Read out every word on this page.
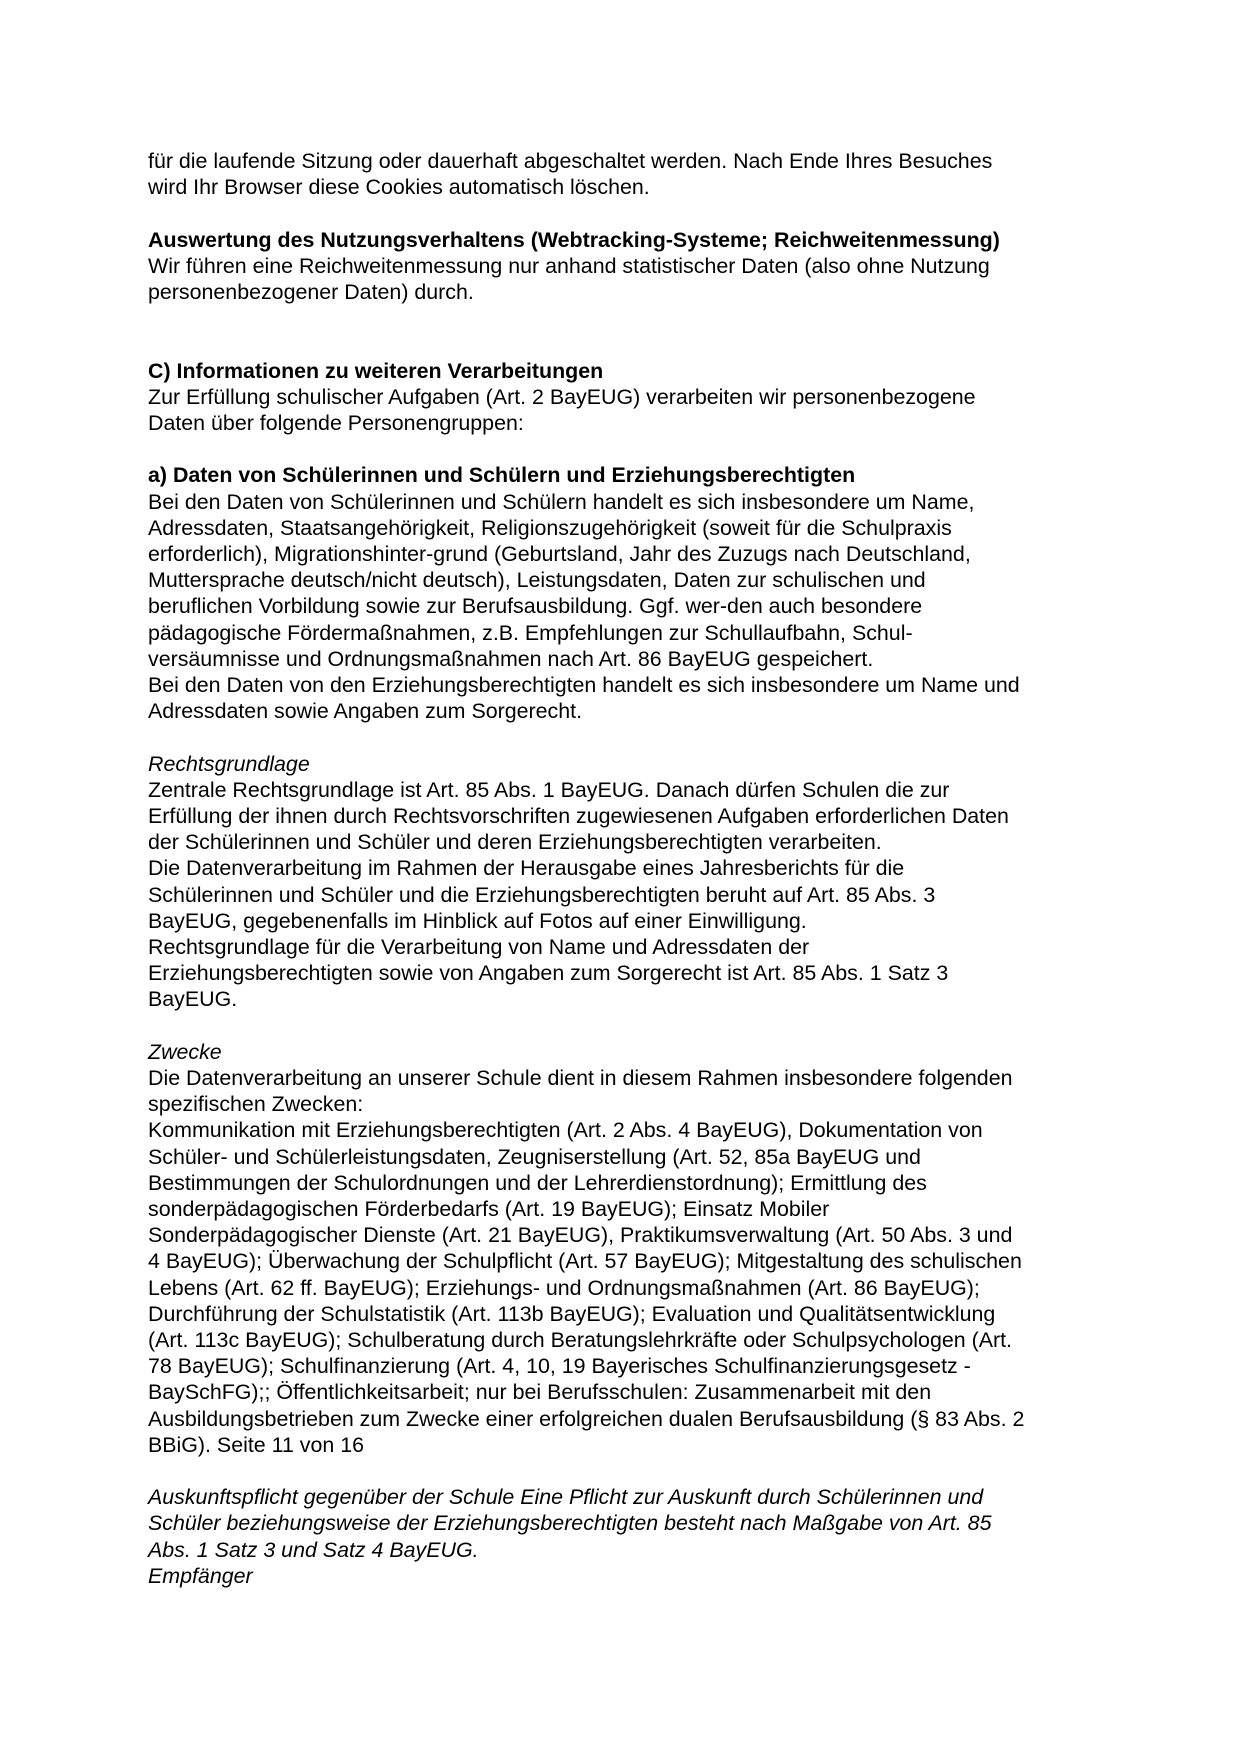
für die laufende Sitzung oder dauerhaft abgeschaltet werden. Nach Ende Ihres Besuches
wird Ihr Browser diese Cookies automatisch löschen.
Auswertung des Nutzungsverhaltens (Webtracking-Systeme; Reichweitenmessung)
Wir führen eine Reichweitenmessung nur anhand statistischer Daten (also ohne Nutzung
personenbezogener Daten) durch.
C) Informationen zu weiteren Verarbeitungen
Zur Erfüllung schulischer Aufgaben (Art. 2 BayEUG) verarbeiten wir personenbezogene
Daten über folgende Personengruppen:
a) Daten von Schülerinnen und Schülern und Erziehungsberechtigten
Bei den Daten von Schülerinnen und Schülern handelt es sich insbesondere um Name,
Adressdaten, Staatsangehörigkeit, Religionszugehörigkeit (soweit für die Schulpraxis
erforderlich), Migrationshinter-grund (Geburtsland, Jahr des Zuzugs nach Deutschland,
Muttersprache deutsch/nicht deutsch), Leistungsdaten, Daten zur schulischen und
beruflichen Vorbildung sowie zur Berufsausbildung. Ggf. wer-den auch besondere
pädagogische Fördermaßnahmen, z.B. Empfehlungen zur Schullaufbahn, Schul-
versäumnisse und Ordnungsmaßnahmen nach Art. 86 BayEUG gespeichert.
Bei den Daten von den Erziehungsberechtigten handelt es sich insbesondere um Name und
Adressdaten sowie Angaben zum Sorgerecht.
Rechtsgrundlage
Zentrale Rechtsgrundlage ist Art. 85 Abs. 1 BayEUG. Danach dürfen Schulen die zur
Erfüllung der ihnen durch Rechtsvorschriften zugewiesenen Aufgaben erforderlichen Daten
der Schülerinnen und Schüler und deren Erziehungsberechtigten verarbeiten.
Die Datenverarbeitung im Rahmen der Herausgabe eines Jahresberichts für die
Schülerinnen und Schüler und die Erziehungsberechtigten beruht auf Art. 85 Abs. 3
BayEUG, gegebenenfalls im Hinblick auf Fotos auf einer Einwilligung.
Rechtsgrundlage für die Verarbeitung von Name und Adressdaten der
Erziehungsberechtigten sowie von Angaben zum Sorgerecht ist Art. 85 Abs. 1 Satz 3
BayEUG.
Zwecke
Die Datenverarbeitung an unserer Schule dient in diesem Rahmen insbesondere folgenden
spezifischen Zwecken:
Kommunikation mit Erziehungsberechtigten (Art. 2 Abs. 4 BayEUG), Dokumentation von
Schüler- und Schülerleistungsdaten, Zeugniserstellung (Art. 52, 85a BayEUG und
Bestimmungen der Schulordnungen und der Lehrerdienstordnung); Ermittlung des
sonderpädagogischen Förderbedarfs (Art. 19 BayEUG); Einsatz Mobiler
Sonderpädagogischer Dienste (Art. 21 BayEUG), Praktikumsverwaltung (Art. 50 Abs. 3 und
4 BayEUG); Überwachung der Schulpflicht (Art. 57 BayEUG); Mitgestaltung des schulischen
Lebens (Art. 62 ff. BayEUG); Erziehungs- und Ordnungsmaßnahmen (Art. 86 BayEUG);
Durchführung der Schulstatistik (Art. 113b BayEUG); Evaluation und Qualitätsentwicklung
(Art. 113c BayEUG); Schulberatung durch Beratungslehrkräfte oder Schulpsychologen (Art.
78 BayEUG); Schulfinanzierung (Art. 4, 10, 19 Bayerisches Schulfinanzierungsgesetz -
BaySchFG);; Öffentlichkeitsarbeit; nur bei Berufsschulen: Zusammenarbeit mit den
Ausbildungsbetrieben zum Zwecke einer erfolgreichen dualen Berufsausbildung (§ 83 Abs. 2
BBiG). Seite 11 von 16
Auskunftspflicht gegenüber der Schule Eine Pflicht zur Auskunft durch Schülerinnen und
Schüler beziehungsweise der Erziehungsberechtigten besteht nach Maßgabe von Art. 85
Abs. 1 Satz 3 und Satz 4 BayEUG.
Empfänger
